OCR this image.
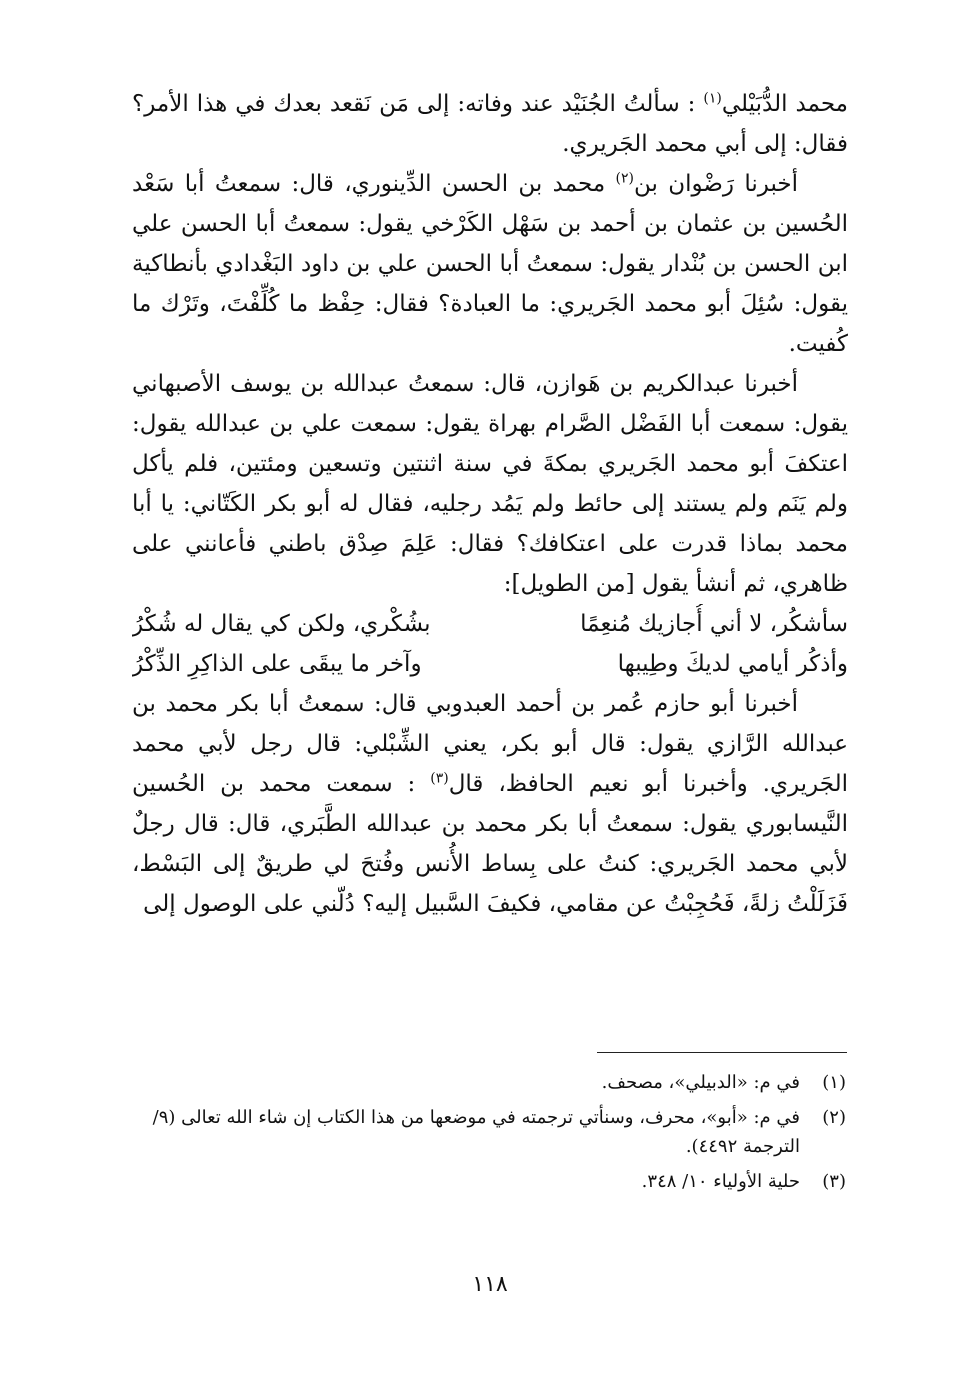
محمد الدُّبَيْلي$^{(١)}$ : سألتُ الجُنَيْد عند وفاته: إلى مَن نَقعد بعدك في هذا الأمر؟ فقال: إلى أبي محمد الجَريري.

أخبرنا رَضْوان بن$^{(٢)}$ محمد بن الحسن الدِّينوري، قال: سمعتُ أبا سَعْد الحُسين بن عثمان بن أحمد بن سَهْل الكَرْخي يقول: سمعتُ أبا الحسن علي ابن الحسن بن بُنْدار يقول: سمعتُ أبا الحسن علي بن داود البَغْدادي بأنطاكية يقول: سُئِلَ أبو محمد الجَريري: ما العبادة؟ فقال: حِفْظ ما كُلِّفْتَ، وتَرْك ما كُفيت.

أخبرنا عبدالكريم بن هَوازن، قال: سمعتُ عبدالله بن يوسف الأصبهاني يقول: سمعت أبا الفَضْل الصَّرام بهراة يقول: سمعت علي بن عبدالله يقول: اعتكفَ أبو محمد الجَريري بمكةَ في سنة اثنتين وتسعين ومئتين، فلم يأكل ولم يَنَم ولم يستند إلى حائط ولم يَمُد رجليه، فقال له أبو بكر الكَتّاني: يا أبا محمد بماذا قدرت على اعتكافك؟ فقال: عَلِمَ صِدْق باطني فأعانني على ظاهري، ثم أنشأ يقول [من الطويل]:

سأشكُر، لا أني أُجازيك مُنعِمًا
بشُكْري، ولكن كي يقال له شُكْرُ
وأذكُر أيامي لديكَ وطِيبها
وآخر ما يبقَى على الذاكِرِ الذِّكْرُ

أخبرنا أبو حازم عُمر بن أحمد العبدوبي قال: سمعتُ أبا بكر محمد بن عبدالله الرَّازي يقول: قال أبو بكر، يعني الشِّبْلي: قال رجل لأبي محمد الجَريري. وأخبرنا أبو نعيم الحافظ، قال$^{(٣)}$ : سمعت محمد بن الحُسين النَّيسابوري يقول: سمعتُ أبا بكر محمد بن عبدالله الطَّبَري، قال: قال رجلٌ لأبي محمد الجَريري: كنتُ على بِساط الأُنس وفُتحَ لي طريقٌ إلى البَسْط، فَزَلَلْتُ زلةً، فَحُجِبْتُ عن مقامي، فكيفَ السَّبيل إليه؟ دُلّني على الوصول إلى

(١)
في م: «الدبيلي»، مصحف.
(٢)
في م: «أبو»، محرف، وسنأتي ترجمته في موضعها من هذا الكتاب إن شاء الله تعالى (٩/ الترجمة ٤٤٩٢).
(٣)
حلية الأولياء ١٠/ ٣٤٨.
١١٨
